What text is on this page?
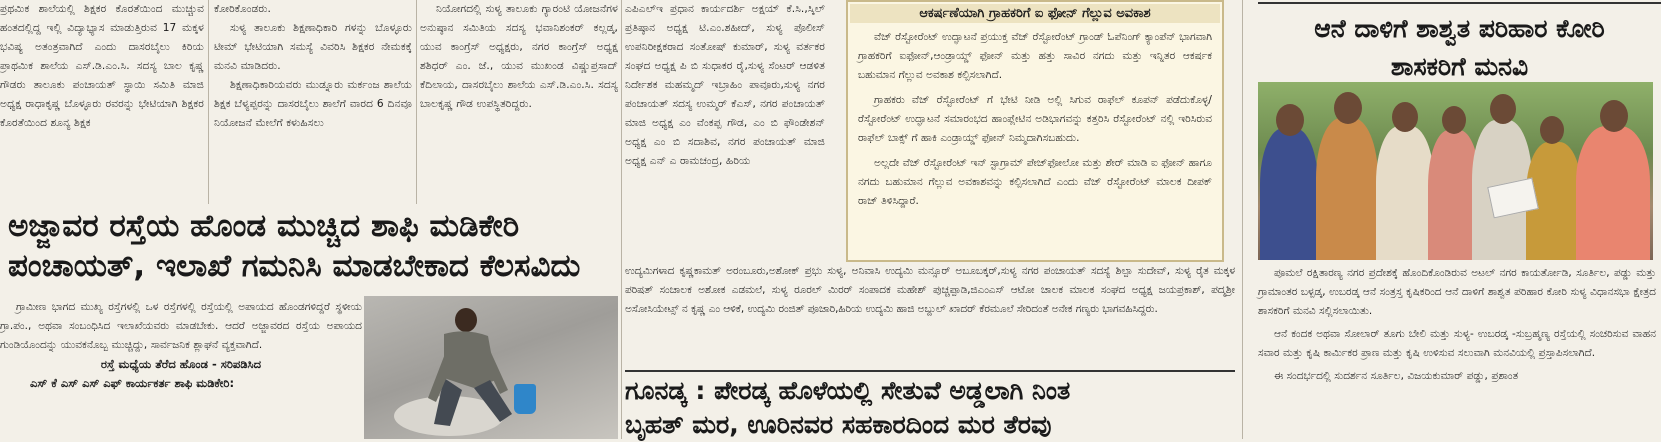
ಪ್ರಥಮಿಕ ಶಾಲೆಯಲ್ಲಿ ಶಿಕ್ಷಕರ ಕೊರತೆಯಿಂದ ಮುಚ್ಚುವ ಹಂತದಲ್ಲಿದ್ದ ಇಲ್ಲಿ ವಿದ್ಯಾಭ್ಯಾಸ ಮಾಡುತ್ತಿರುವ 17 ಮಕ್ಕಳ ಭವಿಷ್ಯ ಅತಂತ್ರವಾಗಿದೆ ಎಂದು ದಾಸರಬೈಲು ಕಿರಿಯ ಪ್ರಾಥಮಿಕ ಶಾಲೆಯ ಎಸ್.ಡಿ.ಎಂ.ಸಿ. ಸದಸ್ಯ ಬಾಲ ಕೃಷ್ಣ ಗೌಡರು ತಾಲೂಕು ಪಂಚಾಯತ್ ಸ್ಥಾಯಿ ಸಮಿತಿ ಮಾಜಿ ಅಧ್ಯಕ್ಷ ರಾಧಾಕೃಷ್ಣ ಬೊಳ್ಳೂರು ರವರನ್ನು ಭೇಟಿಯಾಗಿ ಶಿಕ್ಷಕರ ಕೊರತೆಯಿಂದ ಶೂನ್ಯ ಶಿಕ್ಷಕ

ಕೋರಿಕೊಂಡರು.

ಸುಳ್ಯ ತಾಲೂಕು ಶಿಕ್ಷಣಾಧಿಕಾರಿ ಗಳನ್ನು ಬೊಳ್ಳೂರು ಟೀಮ್ ಭೇಟಿಯಾಗಿ ಸಮಸ್ಯೆ ವಿವರಿಸಿ ಶಿಕ್ಷಕರ ನೇಮಕಕ್ಕೆ ಮನವಿ ಮಾಡಿದರು.

ಶಿಕ್ಷಣಾಧಿಕಾರಿಯವರು ಮುಡ್ನೂರು ಮರ್ಕಂಜ ಶಾಲೆಯ ಶಿಕ್ಷಕ ಬೆಳ್ಯಪ್ಪರನ್ನು ದಾಸರಬೈಲು ಶಾಲೆಗೆ ವಾರದ 6 ದಿನವೂ ನಿಯೋಜನೆ ಮೇಲೆಗೆ ಕಳುಹಿಸಲು

ನಿಯೋಗದಲ್ಲಿ ಸುಳ್ಯ ತಾಲೂಕು ಗ್ಯಾರಂಟಿ ಯೋಜನೆಗಳ ಅನುಷ್ಠಾನ ಸಮಿತಿಯ ಸದಸ್ಯ ಭವಾನಿಶಂಕರ್ ಕಲ್ಲಡ್ಕ, ಯುವ ಕಾಂಗ್ರೆಸ್ ಅಧ್ಯಕ್ಷರು, ನಗರ ಕಾಂಗ್ರೆಸ್ ಅಧ್ಯಕ್ಷ ಶಶಿಧರ್ ಎಂ. ಜೆ., ಯುವ ಮುಖಂಡ ವಿಷ್ಣುಪ್ರಸಾದ್ ಕೆದಿಲಾಯ, ದಾಸರಬೈಲು ಶಾಲೆಯ ಎಸ್.ಡಿ.ಎಂ.ಸಿ. ಸದಸ್ಯ ಬಾಲಕೃಷ್ಣ ಗೌಡ ಉಪಸ್ಥಿತರಿದ್ದರು.

ಎಪಿಎಲ್‌ಇ ಪ್ರಧಾನ ಕಾರ್ಯದರ್ಶಿ ಅಕ್ಷಯ್ ಕೆ.ಸಿ.,ಸ್ಕಿಲ್ ಪ್ರತಿಷ್ಠಾನ ಅಧ್ಯಕ್ಷ ಟಿ.ಎಂ.ಶಹೀದ್, ಸುಳ್ಯ ಪೊಲೀಸ್ ಉಪನಿರೀಕ್ಷಕರಾದ ಸಂತೋಷ್ ಕುಮಾರ್, ಸುಳ್ಯ ವರ್ತಕರ ಸಂಘದ ಅಧ್ಯಕ್ಷ ಪಿ ಬಿ ಸುಧಾಕರ ರೈ,ಸುಳ್ಯ ಸೆಂಟರ್ ಆಡಳಿತ ನಿರ್ದೇಶಕ ಮಹಮ್ಮದ್ ಇಬ್ರಾಹಿಂ ಪಾವೂರು,ಸುಳ್ಯ ನಗರ ಪಂಚಾಯತ್ ಸದಸ್ಯ ಉಮ್ಮರ್ ಕೆಎಸ್, ನಗರ ಪಂಚಾಯತ್ ಮಾಜಿ ಅಧ್ಯಕ್ಷ ಎಂ ವೆಂಕಪ್ಪ ಗೌಡ, ಎಂ ಬಿ ಫೌಂಡೇಶನ್ ಅಧ್ಯಕ್ಷ ಎಂ ಬಿ ಸದಾಶಿವ, ನಗರ ಪಂಚಾಯತ್ ಮಾಜಿ ಅಧ್ಯಕ್ಷ ಎನ್ ಎ ರಾಮಚಂದ್ರ, ಹಿರಿಯ

ಆಕರ್ಷಣೆಯಾಗಿ ಗ್ರಾಹಕರಿಗೆ ಐ ಫೋನ್ ಗೆಲ್ಲುವ ಅವಕಾಶ

ವೆಜ್ ರೆಸ್ಟೋರೆಂಟ್ ಉದ್ಘಾಟನೆ ಪ್ರಯುಕ್ತ ವೆಜ್ ರೆಸ್ಟೋರೆಂಟ್ ಗ್ರಾಂಡ್ ಓಪೆನಿಂಗ್ ಕ್ಯಾಂಪೆನ್ ಭಾಗವಾಗಿ ಗ್ರಾಹಕರಿಗೆ ಐಫೋನ್,ಆಂಡ್ರಾಯ್ಡ್ ಫೋನ್ ಮತ್ತು ಹತ್ತು ಸಾವಿರ ನಗದು ಮತ್ತು ಇನ್ನಿತರ ಆಕರ್ಷಕ ಬಹುಮಾನ ಗೆಲ್ಲುವ ಅವಕಾಶ ಕಲ್ಪಿಸಲಾಗಿದೆ.

ಗ್ರಾಹಕರು ವೆಜ್ ರೆಸ್ಟೋರೆಂಟ್ ಗೆ ಭೇಟಿ ನೀಡಿ ಅಲ್ಲಿ ಸಿಗುವ ರಾಫೆಲ್ ಕೂಪನ್ ಪಡೆದುಕೊಳ್ಳ/ರೆಸ್ಟೋರೆಂಟ್ ಉದ್ಘಾಟನೆ ಸಮಾರಂಭದ ಹಾಂಪ್ಲೇಟಿನ ಅಡಿಭಾಗವನ್ನು ಕತ್ತರಿಸಿ ರೆಸ್ಟೋರೆಂಟ್ ನಲ್ಲಿ ಇರಿಸಿರುವ ರಾಫೆಲ್ ಬಾಕ್ಸ್ ಗೆ ಹಾಕಿ ಎಂಡ್ರಾಯ್ಡ್ ಫೋನ್ ನಿಮ್ಮದಾಗಿಸಬಹುದು.

ಅಲ್ಲದೇ ವೆಜ್ ರೆಸ್ಟೋರೆಂಟ್ ಇನ್ ಸ್ಟಾಗ್ರಾಮ್ ಪೇಜ್‌ಫೋಲೋ ಮತ್ತು ಶೇರ್ ಮಾಡಿ ಐ ಫೋನ್ ಹಾಗೂ ನಗದು ಬಹುಮಾನ ಗೆಲ್ಲುವ ಅವಕಾಶವನ್ನು ಕಲ್ಪಿಸಲಾಗಿದೆ ಎಂದು ವೆಜ್ ರೆಸ್ಟೋರೆಂಟ್ ಮಾಲಕ ದೀಪಕ್ ರಾಜ್ ತಿಳಿಸಿದ್ದಾರೆ.

ಉದ್ಯಮಿಗಳಾದ ಕೃಷ್ಣಕಾಮತ್ ಅರಂಬೂರು,ಅಶೋಕ್ ಪ್ರಭು ಸುಳ್ಯ, ಅನಿವಾಸಿ ಉದ್ಯಮಿ ಮನ್ಸೂರ್ ಅಬೂಬಕ್ಕರ್,ಸುಳ್ಯ ನಗರ ಪಂಚಾಯತ್ ಸದಸ್ಯೆ ಶಿಲ್ಪಾ ಸುದೇವ್, ಸುಳ್ಯ ರೈತ ಮಕ್ಕಳ ಪರಿಷತ್ ಸಂಚಾಲಕ ಅಶೋಕ ಎಡಮಲೆ, ಸುಳ್ಯ ರೂರಲ್ ಮಿರರ್ ಸಂಪಾದಕ ಮಹೇಶ್ ಪುಚ್ಚಪ್ಪಾಡಿ,ಜಿಎಂಎಸ್ ಆಟೋ ಚಾಲಕ ಮಾಲಕ ಸಂಘದ ಅಧ್ಯಕ್ಷ ಜಯಪ್ರಕಾಶ್, ಪದ್ಮಶ್ರೀ ಅಸೋಸಿಯೇಟ್ಸ್ ನ ಕೃಷ್ಣ ಎಂ ಆಳಿಕೆ, ಉದ್ಯಮಿ ರಂಜಿತ್ ಪೂಜಾರಿ,ಹಿರಿಯ ಉದ್ಯಮಿ ಹಾಜಿ ಅಬ್ದುಲ್ ಖಾದರ್ ಕೆರಮೂಲೆ ಸೇರಿದಂತೆ ಅನೇಕ ಗಣ್ಯರು ಭಾಗವಹಿಸಿದ್ದರು.
ಅಜ್ಜಾವರ ರಸ್ತೆಯ ಹೊಂಡ ಮುಚ್ಚಿದ ಶಾಫಿ ಮಡಿಕೇರಿ
ಪಂಚಾಯತ್, ಇಲಾಖೆ ಗಮನಿಸಿ ಮಾಡಬೇಕಾದ ಕೆಲಸವಿದು

ಗ್ರಾಮೀಣ ಭಾಗದ ಮುಖ್ಯ ರಸ್ತೆಗಳಲ್ಲಿ ಒಳ ರಸ್ತೆಗಳಲ್ಲಿ ರಸ್ತೆಯಲ್ಲಿ ಅಪಾಯದ ಹೊಂಡಗಳಿದ್ದರೆ ಸ್ಥಳೀಯ ಗ್ರಾ.ಪಂ., ಅಥವಾ ಸಂಬಂಧಿಸಿದ ಇಲಾಖೆಯವರು ಮಾಡಬೇಕು. ಆದರೆ ಅಜ್ಜಾವರದ ರಸ್ತೆಯ ಅಪಾಯದ ಗುಂಡಿಯೊಂದನ್ನು ಯುವಕನೊಬ್ಬ ಮುಚ್ಚಿದ್ದು, ಸಾರ್ವಜನಿಕ ಶ್ಲಾಘನೆ ವ್ಯಕ್ತವಾಗಿದೆ.

ರಸ್ತೆ ಮಧ್ಯೆಯ ತೆರೆದ ಹೊಂಡ - ಸರಿಪಡಿಸಿದ
ಎಸ್ ಕೆ ಎಸ್ ಎಸ್ ಎಫ್ ಕಾರ್ಯಕರ್ತ ಶಾಫಿ ಮಡಿಕೇರಿ:	ಗೂನಡ್ಕ : ಪೇರಡ್ಕ ಹೊಳೆಯಲ್ಲಿ ಸೇತುವೆ ಅಡ್ಡಲಾಗಿ ನಿಂತ
ಬೃಹತ್ ಮರ, ಊರಿನವರ ಸಹಕಾರದಿಂದ ಮರ ತೆರವು
ಆನೆ ದಾಳಿಗೆ ಶಾಶ್ವತ ಪರಿಹಾರ ಕೋರಿ
ಶಾಸಕರಿಗೆ ಮನವಿ

ಪೂಮಲೆ ರಕ್ಷಿತಾರಣ್ಯ ನಗರ ಪ್ರದೇಶಕ್ಕೆ ಹೊಂದಿಕೊಂಡಿರುವ ಅಟಲ್ ನಗರ ಕಾಯರ್ತೋಡಿ, ಸೂರ್ತಿಲ, ಪಡ್ಡು ಮತ್ತು ಗ್ರಾಮಾಂತರ ಬಳ್ಪಡ್ಕ, ಉಬರಡ್ಕ ಆನೆ ಸಂತ್ರಸ್ತ ಕೃಷಿಕರಿಂದ ಆನೆ ದಾಳಿಗೆ ಶಾಶ್ವತ ಪರಿಹಾರ ಕೋರಿ ಸುಳ್ಯ ವಿಧಾನಸಭಾ ಕ್ಷೇತ್ರದ ಶಾಸಕರಿಗೆ ಮನವಿ ಸಲ್ಲಿಸಲಾಯಿತು.

ಆನೆ ಕಂದಕ ಅಥವಾ ಸೋಲಾರ್ ತೂಗು ಬೇಲಿ ಮತ್ತು ಸುಳ್ಯ- ಉಬರಡ್ಕ -ಸುಬ್ರಹ್ಮಣ್ಯ ರಸ್ತೆಯಲ್ಲಿ ಸಂಚರಿಸುವ ವಾಹನ ಸವಾರ ಮತ್ತು ಕೃಷಿ ಕಾರ್ಮಿಕರ ಪ್ರಾಣ ಮತ್ತು ಕೃಷಿ ಉಳಿಸುವ ಸಲುವಾಗಿ ಮನವಿಯಲ್ಲಿ ಪ್ರಸ್ತಾಪಿಸಲಾಗಿದೆ.

ಈ ಸಂದರ್ಭದಲ್ಲಿ ಸುದರ್ಶನ ಸೂರ್ತಿಲ, ವಿಜಯಕುಮಾರ್ ಪಡ್ಡು, ಪ್ರಶಾಂತ
